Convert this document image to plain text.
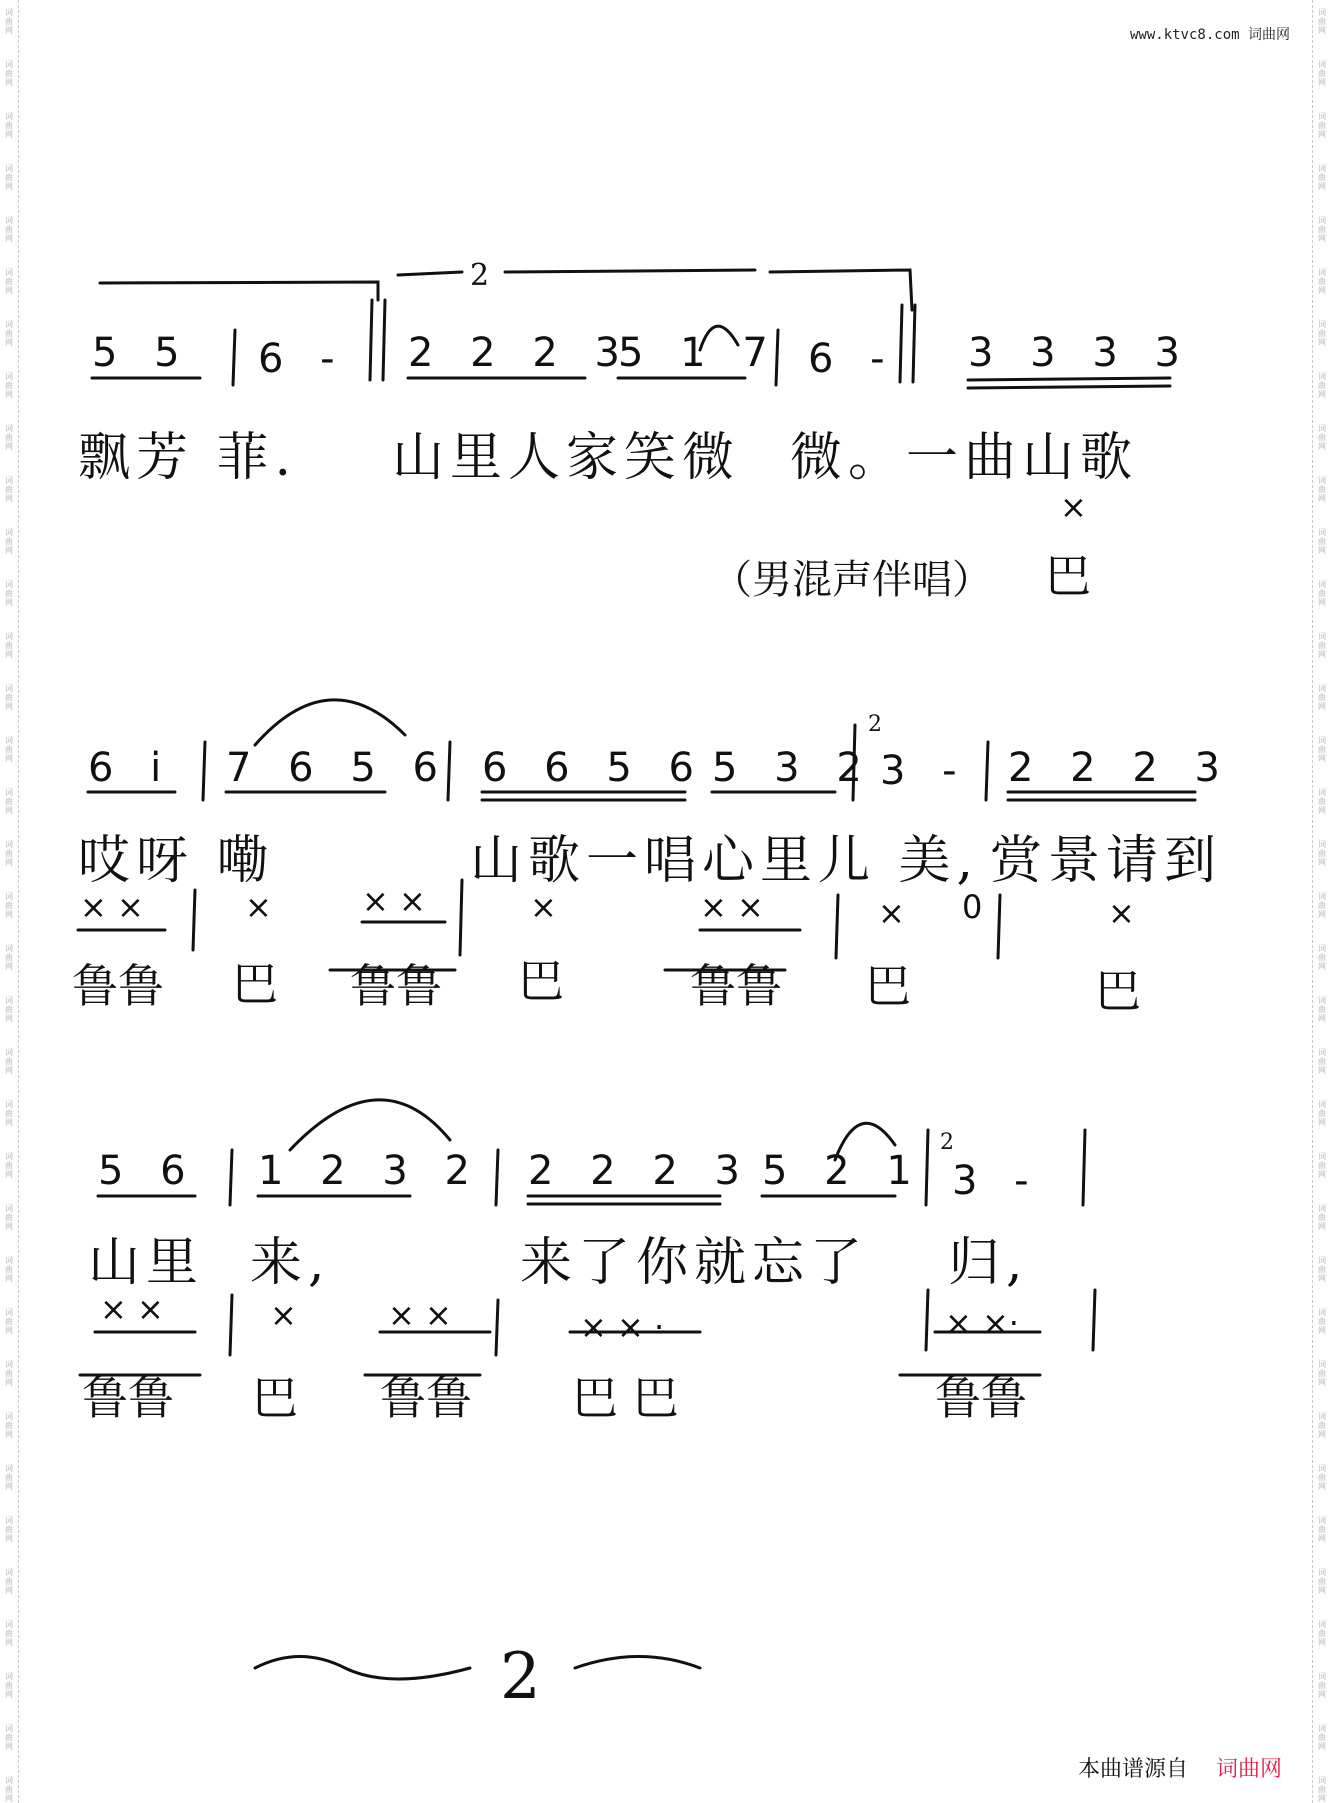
词曲网
词曲网
词曲网
词曲网
词曲网
词曲网
词曲网
词曲网
词曲网
词曲网
词曲网
词曲网
词曲网
词曲网
词曲网
词曲网
词曲网
词曲网
词曲网
词曲网
词曲网
词曲网
词曲网
词曲网
词曲网
词曲网
词曲网
词曲网
词曲网
词曲网
词曲网
词曲网
词曲网
词曲网
词曲网
词曲网
词曲网
词曲网
词曲网
词曲网
词曲网
词曲网
词曲网
词曲网
词曲网
词曲网
词曲网
词曲网
词曲网
词曲网
词曲网
词曲网
词曲网
词曲网
词曲网
词曲网
词曲网
词曲网
词曲网
词曲网
词曲网
词曲网
词曲网
词曲网
词曲网
词曲网
词曲网
词曲网
词曲网
词曲网
www.ktvc8.com 词曲网
2
5 5 6 - 2 2 2 3
5 1 7 6 - 3 3 3 3
飘芳 菲. 山里人家笑微 微。一曲山歌
×
（男混声伴唱） 巴
6 i 7 6 5 6 6 6 5 6 5 3 2
2
3 - 2 2 2 3
哎呀 嘞	山歌一唱心里儿 美, 赏景请到
× ×	×	× ×	×	× ×	× 0	×
鲁鲁 巴 鲁鲁 巴	鲁鲁 巴	巴
5 6 1 2 3 2 2 2 2 3 5 2 1
2
3 -
山里 来,	来了你就忘了 归,
× ×	×	× ×	× × ·	× ×·
鲁鲁 巴 鲁鲁 巴 巴	鲁鲁
2
本曲谱源自 词曲网
